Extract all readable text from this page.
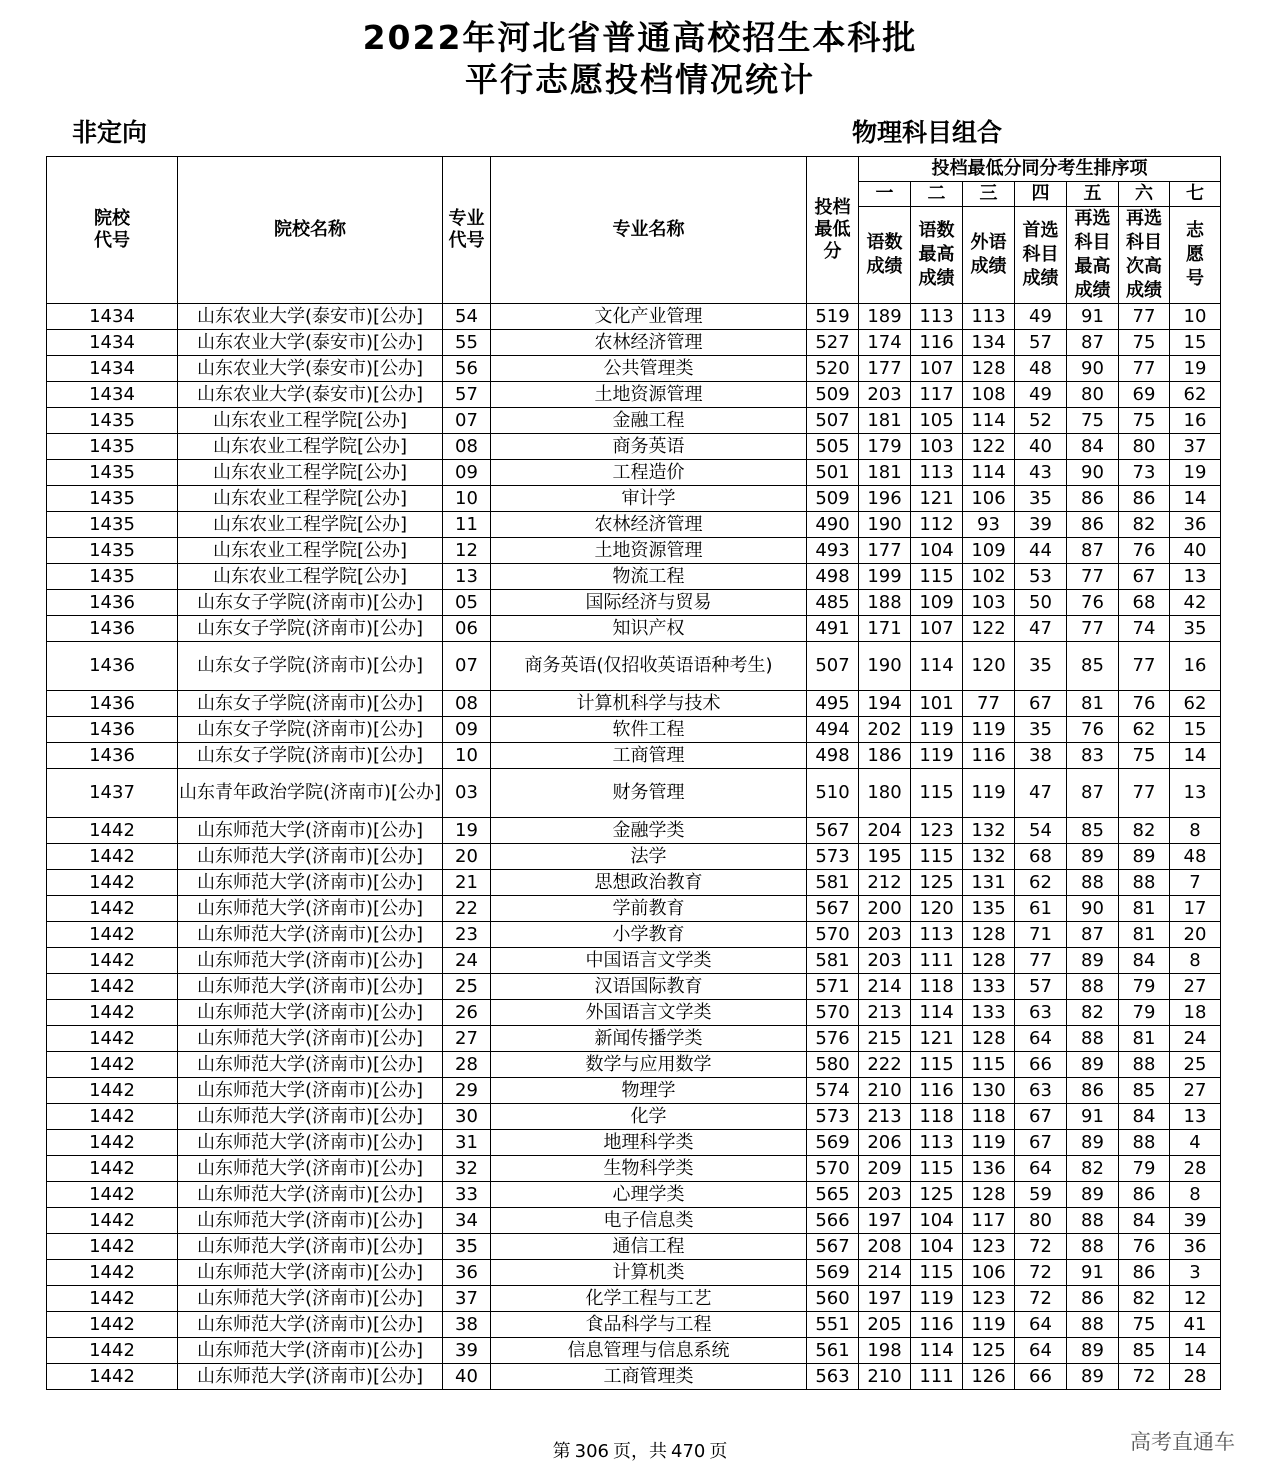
2022年河北省普通高校招生本科批
平行志愿投档情况统计
非定向	物理科目组合
院校代号	院校名称	专业代号	专业名称	投档最低分	投档最低分同分考生排序项						
					一	二	三	四	五	六	七

					语数成绩	语数最高成绩	外语成绩	首选科目成绩	再选科目最高成绩	再选科目次高成绩	志愿号

1434	山东农业大学(泰安市)[公办]	54	文化产业管理	519	189	113	113	49	91	77	10
1434	山东农业大学(泰安市)[公办]	55	农林经济管理	527	174	116	134	57	87	75	15
1434	山东农业大学(泰安市)[公办]	56	公共管理类	520	177	107	128	48	90	77	19
1434	山东农业大学(泰安市)[公办]	57	土地资源管理	509	203	117	108	49	80	69	62
1435	山东农业工程学院[公办]	07	金融工程	507	181	105	114	52	75	75	16
1435	山东农业工程学院[公办]	08	商务英语	505	179	103	122	40	84	80	37
1435	山东农业工程学院[公办]	09	工程造价	501	181	113	114	43	90	73	19
1435	山东农业工程学院[公办]	10	审计学	509	196	121	106	35	86	86	14
1435	山东农业工程学院[公办]	11	农林经济管理	490	190	112	93	39	86	82	36
1435	山东农业工程学院[公办]	12	土地资源管理	493	177	104	109	44	87	76	40
1435	山东农业工程学院[公办]	13	物流工程	498	199	115	102	53	77	67	13
1436	山东女子学院(济南市)[公办]	05	国际经济与贸易	485	188	109	103	50	76	68	42
1436	山东女子学院(济南市)[公办]	06	知识产权	491	171	107	122	47	77	74	35
1436	山东女子学院(济南市)[公办]	07	商务英语(仅招收英语语种考生)	507	190	114	120	35	85	77	16
1436	山东女子学院(济南市)[公办]	08	计算机科学与技术	495	194	101	77	67	81	76	62
1436	山东女子学院(济南市)[公办]	09	软件工程	494	202	119	119	35	76	62	15
1436	山东女子学院(济南市)[公办]	10	工商管理	498	186	119	116	38	83	75	14
1437	山东青年政治学院(济南市)[公办]	03	财务管理	510	180	115	119	47	87	77	13
1442	山东师范大学(济南市)[公办]	19	金融学类	567	204	123	132	54	85	82	8
1442	山东师范大学(济南市)[公办]	20	法学	573	195	115	132	68	89	89	48
1442	山东师范大学(济南市)[公办]	21	思想政治教育	581	212	125	131	62	88	88	7
1442	山东师范大学(济南市)[公办]	22	学前教育	567	200	120	135	61	90	81	17
1442	山东师范大学(济南市)[公办]	23	小学教育	570	203	113	128	71	87	81	20
1442	山东师范大学(济南市)[公办]	24	中国语言文学类	581	203	111	128	77	89	84	8
1442	山东师范大学(济南市)[公办]	25	汉语国际教育	571	214	118	133	57	88	79	27
1442	山东师范大学(济南市)[公办]	26	外国语言文学类	570	213	114	133	63	82	79	18
1442	山东师范大学(济南市)[公办]	27	新闻传播学类	576	215	121	128	64	88	81	24
1442	山东师范大学(济南市)[公办]	28	数学与应用数学	580	222	115	115	66	89	88	25
1442	山东师范大学(济南市)[公办]	29	物理学	574	210	116	130	63	86	85	27
1442	山东师范大学(济南市)[公办]	30	化学	573	213	118	118	67	91	84	13
1442	山东师范大学(济南市)[公办]	31	地理科学类	569	206	113	119	67	89	88	4
1442	山东师范大学(济南市)[公办]	32	生物科学类	570	209	115	136	64	82	79	28
1442	山东师范大学(济南市)[公办]	33	心理学类	565	203	125	128	59	89	86	8
1442	山东师范大学(济南市)[公办]	34	电子信息类	566	197	104	117	80	88	84	39
1442	山东师范大学(济南市)[公办]	35	通信工程	567	208	104	123	72	88	76	36
1442	山东师范大学(济南市)[公办]	36	计算机类	569	214	115	106	72	91	86	3
1442	山东师范大学(济南市)[公办]	37	化学工程与工艺	560	197	119	123	72	86	82	12
1442	山东师范大学(济南市)[公办]	38	食品科学与工程	551	205	116	119	64	88	75	41
1442	山东师范大学(济南市)[公办]	39	信息管理与信息系统	561	198	114	125	64	89	85	14
1442	山东师范大学(济南市)[公办]	40	工商管理类	563	210	111	126	66	89	72	28
第 306 页，共 470 页	高考直通车
